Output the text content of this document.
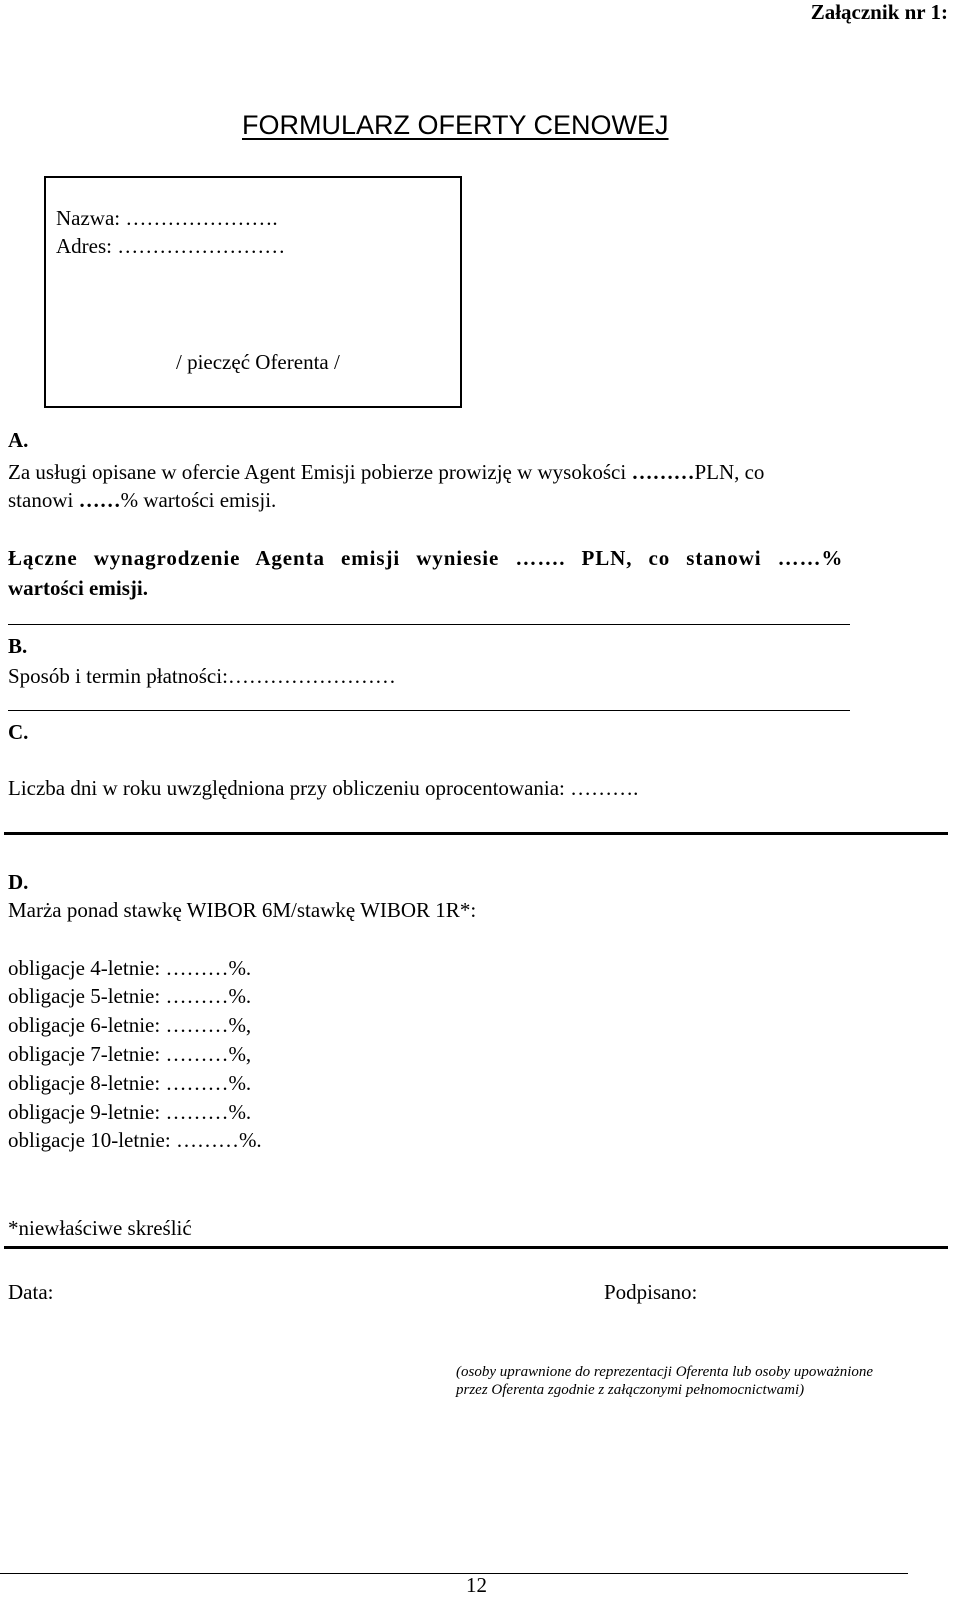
Załącznik nr 1:
FORMULARZ OFERTY CENOWEJ
Nazwa: ………………….
Adres: ……………………
/ pieczęć Oferenta /
A.
Za usługi opisane w ofercie Agent Emisji pobierze prowizję w wysokości ………PLN, co
stanowi ……% wartości emisji.
Łączne wynagrodzenie Agenta emisji wyniesie ……. PLN, co stanowi ……%
wartości emisji.
B.
Sposób i termin płatności:……………………
C.
Liczba dni w roku uwzględniona przy obliczeniu oprocentowania: ……….
D.
Marża ponad stawkę WIBOR 6M/stawkę WIBOR 1R*:
obligacje 4-letnie: ………%.
obligacje 5-letnie: ………%.
obligacje 6-letnie: ………%,
obligacje 7-letnie: ………%,
obligacje 8-letnie: ………%.
obligacje 9-letnie: ………%.
obligacje 10-letnie: ………%.
*niewłaściwe skreślić
Data:	Podpisano:
(osoby uprawnione do reprezentacji Oferenta lub osoby upoważnione
przez Oferenta zgodnie z załączonymi pełnomocnictwami)
12
